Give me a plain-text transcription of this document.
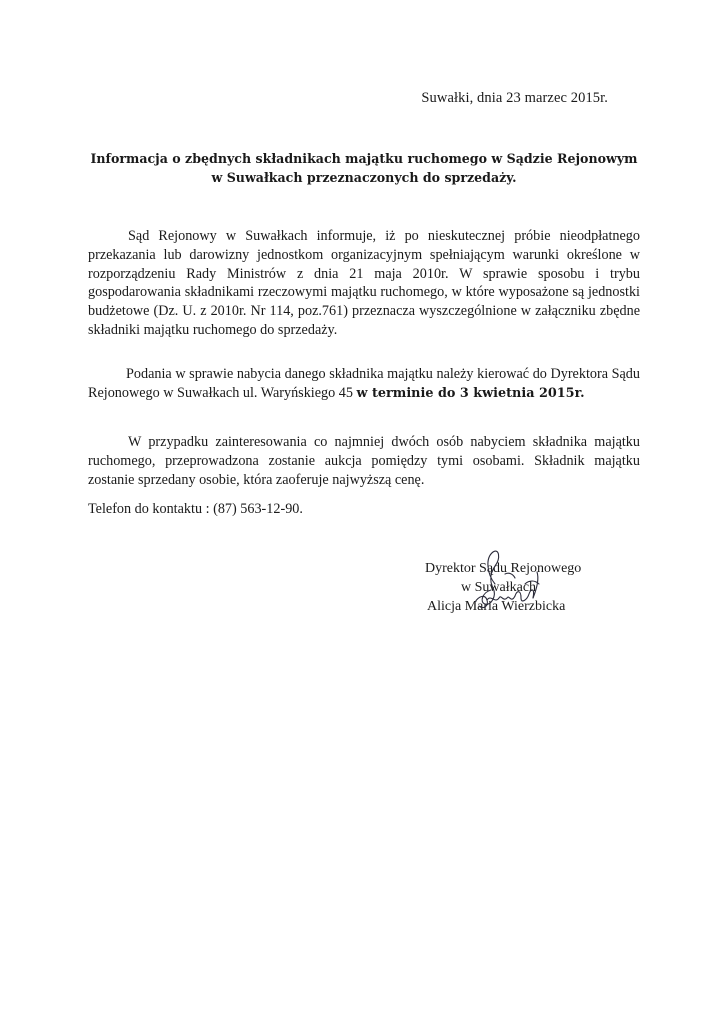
Suwałki, dnia 23 marzec 2015r.
Informacja o zbędnych składnikach majątku ruchomego w Sądzie Rejonowym
w Suwałkach przeznaczonych do sprzedaży.
Sąd Rejonowy w Suwałkach informuje, iż po nieskutecznej próbie nieodpłatnego przekazania lub darowizny jednostkom organizacyjnym spełniającym warunki określone w rozporządzeniu Rady Ministrów z dnia 21 maja 2010r. W sprawie sposobu i trybu gospodarowania składnikami rzeczowymi majątku ruchomego, w które wyposażone są jednostki budżetowe (Dz. U. z 2010r. Nr 114, poz.761) przeznacza wyszczególnione w załączniku zbędne składniki majątku ruchomego do sprzedaży.
Podania w sprawie nabycia danego składnika majątku należy kierować do Dyrektora Sądu Rejonowego w Suwałkach ul. Waryńskiego 45 w terminie do 3 kwietnia 2015r.
W przypadku zainteresowania co najmniej dwóch osób nabyciem składnika majątku ruchomego, przeprowadzona zostanie aukcja pomiędzy tymi osobami. Składnik majątku zostanie sprzedany osobie, która zaoferuje najwyższą cenę.
Telefon do kontaktu : (87) 563-12-90.
Dyrektor Sądu Rejonowego
w Suwałkach
Alicja Maria Wierzbicka
